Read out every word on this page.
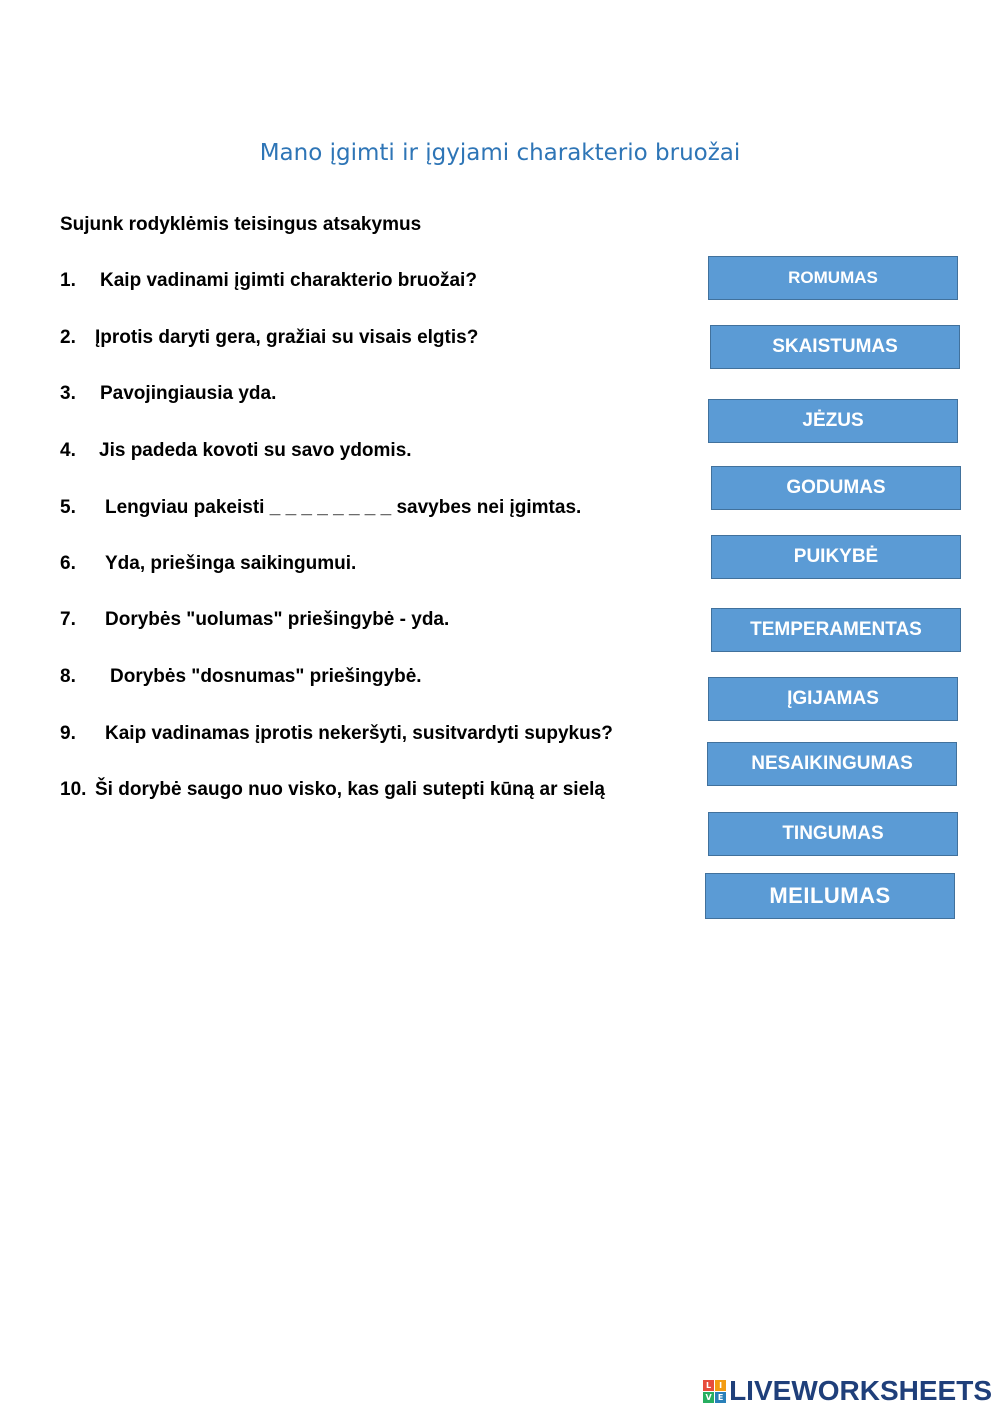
Mano įgimti ir įgyjami charakterio bruožai
Sujunk rodyklėmis teisingus atsakymus
1. Kaip vadinami įgimti charakterio bruožai?
2. Įprotis daryti gera, gražiai su visais elgtis?
3. Pavojingiausia yda.
4. Jis padeda kovoti su savo ydomis.
5. Lengviau pakeisti _ _ _ _ _ _ _ _ savybes nei įgimtas.
6. Yda, priešinga saikingumui.
7. Dorybės "uolumas" priešingybė - yda.
8. Dorybės "dosnumas" priešingybė.
9. Kaip vadinamas įprotis nekeršyti, susitvardyti supykus?
10. Ši dorybė saugo nuo visko, kas gali sutepti kūną ar sielą
ROMUMAS
SKAISTUMAS
JĖZUS
GODUMAS
PUIKYBĖ
TEMPERAMENTAS
ĮGIJAMAS
NESAIKINGUMAS
TINGUMAS
MEILUMAS
L I
V E LIVEWORKSHEETS
